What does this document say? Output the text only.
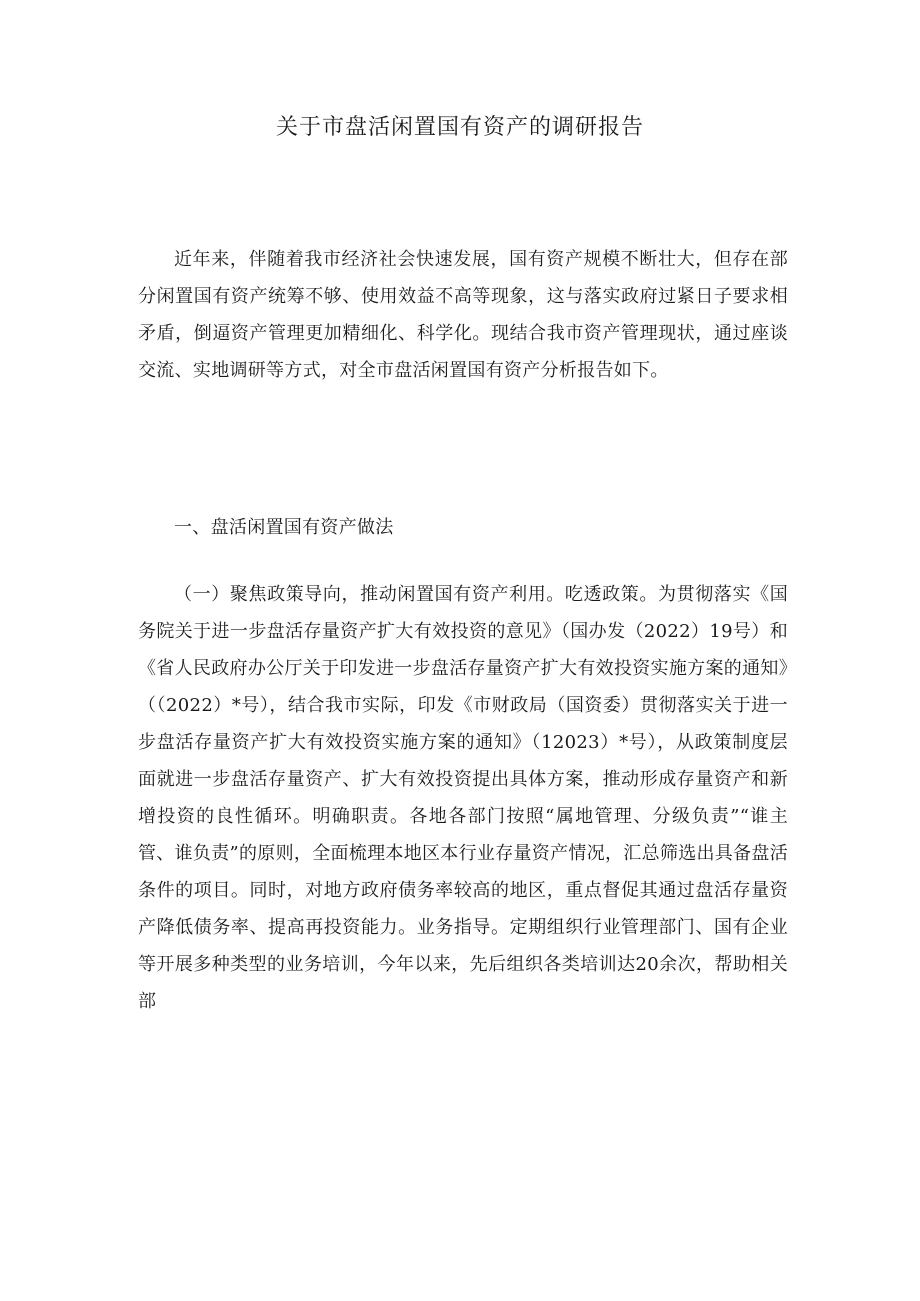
关于市盘活闲置国有资产的调研报告

近年来，伴随着我市经济社会快速发展，国有资产规模不断壮大，但存在部分闲置国有资产统筹不够、使用效益不高等现象，这与落实政府过紧日子要求相矛盾，倒逼资产管理更加精细化、科学化。现结合我市资产管理现状，通过座谈交流、实地调研等方式，对全市盘活闲置国有资产分析报告如下。

一、盘活闲置国有资产做法

（一）聚焦政策导向，推动闲置国有资产利用。吃透政策。为贯彻落实《国务院关于进一步盘活存量资产扩大有效投资的意见》（国办发（2022）19号）和《省人民政府办公厅关于印发进一步盘活存量资产扩大有效投资实施方案的通知》（（2022）*号），结合我市实际，印发《市财政局（国资委）贯彻落实关于进一步盘活存量资产扩大有效投资实施方案的通知》（12023）*号），从政策制度层面就进一步盘活存量资产、扩大有效投资提出具体方案，推动形成存量资产和新增投资的良性循环。明确职责。各地各部门按照“属地管理、分级负责”“谁主管、谁负责”的原则，全面梳理本地区本行业存量资产情况，汇总筛选出具备盘活条件的项目。同时，对地方政府债务率较高的地区，重点督促其通过盘活存量资产降低债务率、提高再投资能力。业务指导。定期组织行业管理部门、国有企业等开展多种类型的业务培训，今年以来，先后组织各类培训达20余次，帮助相关部
